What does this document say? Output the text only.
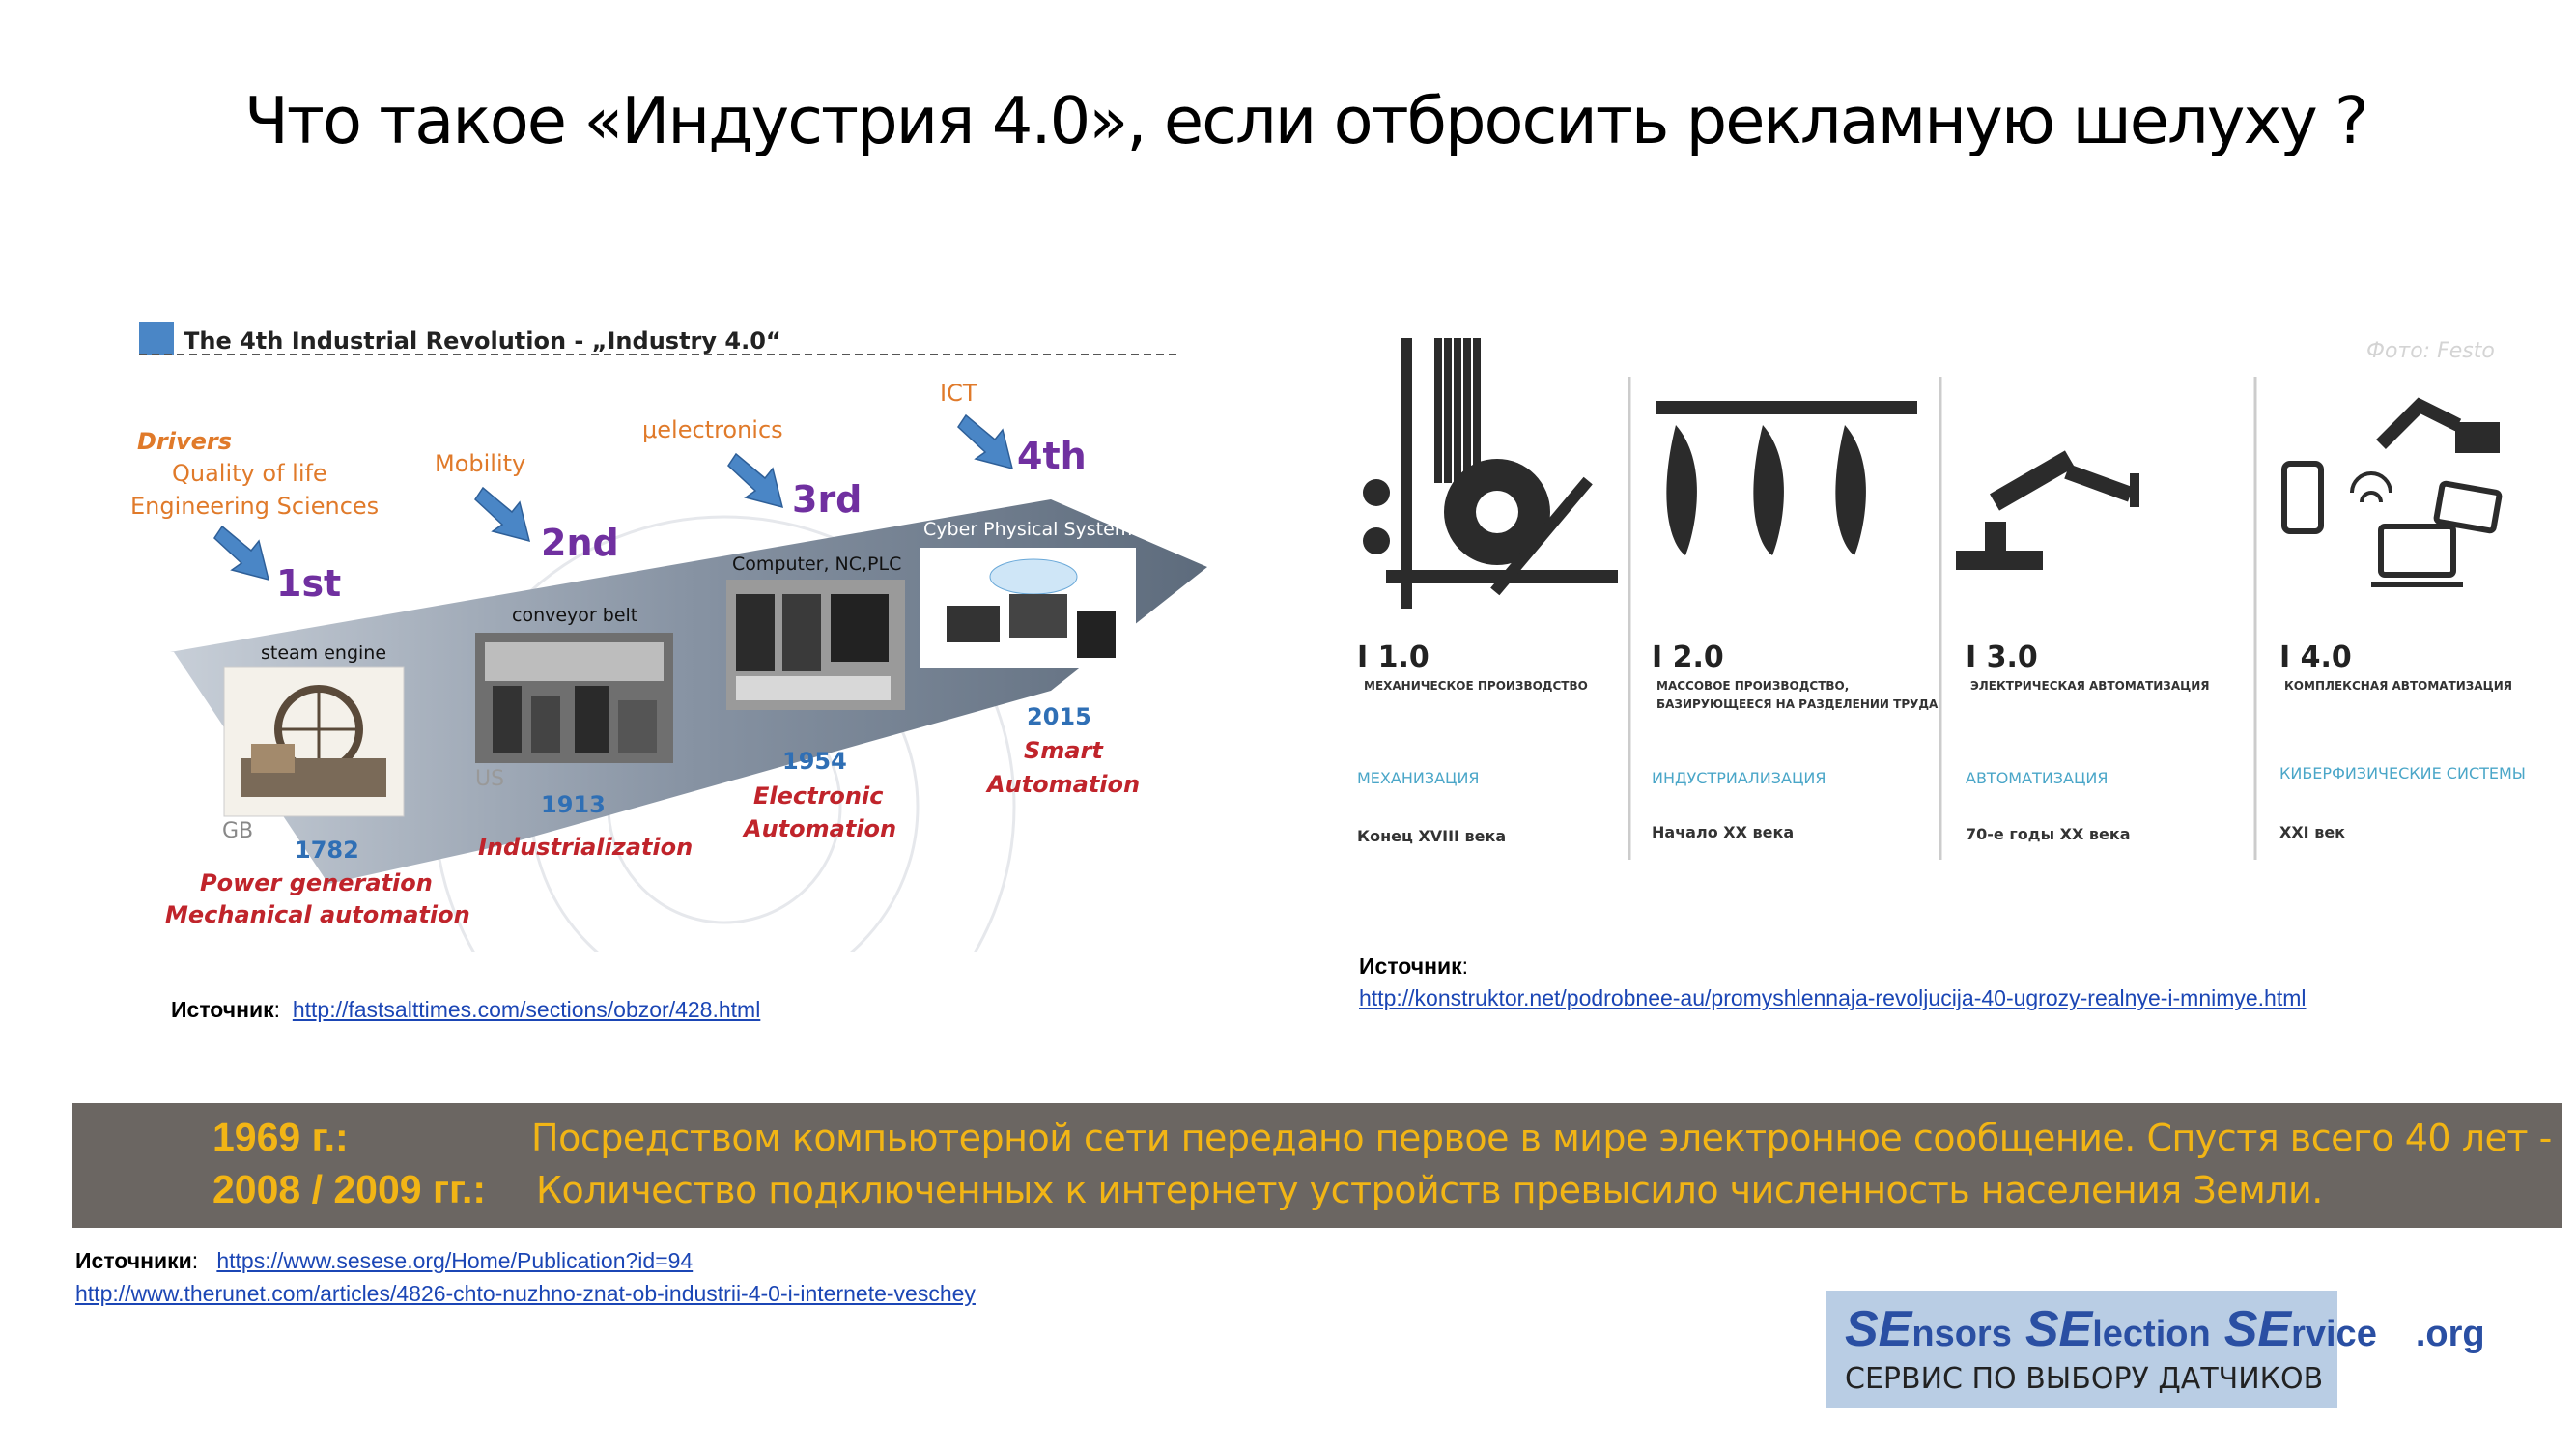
Что такое «Индустрия 4.0», если отбросить рекламную шелуху ?
The 4th Industrial Revolution - „Industry 4.0“
Drivers
Quality of life
Engineering Sciences
Mobility
μelectronics
ICT
1st
2nd
3rd
4th
steam engine
conveyor belt
Computer, NC,PLC
Cyber Physical Systems
GB
US
1782
1913
1954
2015
Power generation
Mechanical automation
Industrialization
Electronic
Automation
Smart
Automation
Источник:  http://fastsalttimes.com/sections/obzor/428.html
Фото: Festo
I 1.0
МЕХАНИЧЕСКОЕ ПРОИЗВОДСТВО
МЕХАНИЗАЦИЯ
Конец XVIII века
I 2.0
МАССОВОЕ ПРОИЗВОДСТВО,
БАЗИРУЮЩЕЕСЯ НА РАЗДЕЛЕНИИ ТРУДА
ИНДУСТРИАЛИЗАЦИЯ
Начало XX века
I 3.0
ЭЛЕКТРИЧЕСКАЯ АВТОМАТИЗАЦИЯ
АВТОМАТИЗАЦИЯ
70-е годы XX века
I 4.0
КОМПЛЕКСНАЯ АВТОМАТИЗАЦИЯ
КИБЕРФИЗИЧЕСКИЕ СИСТЕМЫ
XXI век
Источник:
http://konstruktor.net/podrobnee-au/promyshlennaja-revoljucija-40-ugrozy-realnye-i-mnimye.html
1969 г.:	Посредством компьютерной сети передано первое в мире электронное сообщение. Спустя всего 40 лет -
2008 / 2009 гг.: Количество подключенных к интернету устройств превысило численность населения Земли.
Источники:   https://www.sesese.org/Home/Publication?id=94
http://www.therunet.com/articles/4826-chto-nuzhno-znat-ob-industrii-4-0-i-internete-veschey
SEnsors SElection SErvice .org
СЕРВИС ПО ВЫБОРУ ДАТЧИКОВ
